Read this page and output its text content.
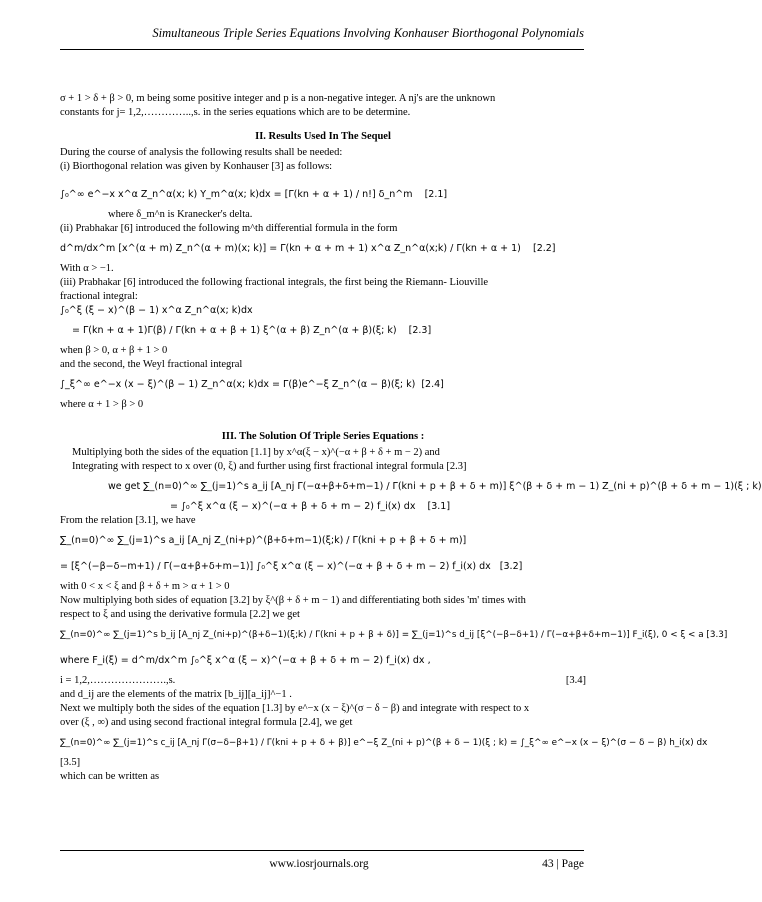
Simultaneous Triple Series Equations Involving Konhauser Biorthogonal Polynomials

σ + 1 > δ + β > 0, m being some positive integer and p is a non-negative integer. A nj's are the unknown

constants for j= 1,2,…………..,s. in the series equations which are to be determine.

II. Results Used In The Sequel

During the course of analysis the following results shall be needed:

(i) Biorthogonal relation was given by Konhauser [3] as follows:

∫₀^∞ e^−x x^α Z_n^α(x; k) Y_m^α(x; k)dx = [Γ(kn + α + 1) / n!] δ_n^m [2.1]

where δ_m^n is Kranecker's delta.

(ii) Prabhakar [6] introduced the following m^th differential formula in the form

d^m/dx^m [x^(α + m) Z_n^(α + m)(x; k)] = Γ(kn + α + m + 1) x^α Z_n^α(x;k) / Γ(kn + α + 1) [2.2]

With α > −1.

(iii) Prabhakar [6] introduced the following fractional integrals, the first being the Riemann- Liouville

fractional integral:

∫₀^ξ (ξ − x)^(β − 1) x^α Z_n^α(x; k)dx

= Γ(kn + α + 1)Γ(β) / Γ(kn + α + β + 1) ξ^(α + β) Z_n^(α + β)(ξ; k) [2.3]

when β > 0, α + β + 1 > 0

and the second, the Weyl fractional integral

∫_ξ^∞ e^−x (x − ξ)^(β − 1) Z_n^α(x; k)dx = Γ(β)e^−ξ Z_n^(α − β)(ξ; k) [2.4]

where α + 1 > β > 0

III. The Solution Of Triple Series Equations :

Multiplying both the sides of the equation [1.1] by x^α(ξ − x)^(−α + β + δ + m − 2) and

Integrating with respect to x over (0, ξ) and further using first fractional integral formula [2.3]

we get ∑_(n=0)^∞ ∑_(j=1)^s a_ij [A_nj Γ(−α+β+δ+m−1) / Γ(kni + p + β + δ + m)] ξ^(β + δ + m − 1) Z_(ni + p)^(β + δ + m − 1)(ξ ; k)

= ∫₀^ξ x^α (ξ − x)^(−α + β + δ + m − 2) f_i(x) dx [3.1]

From the relation [3.1], we have

∑_(n=0)^∞ ∑_(j=1)^s a_ij [A_nj Z_(ni+p)^(β+δ+m−1)(ξ;k) / Γ(kni + p + β + δ + m)]

= [ξ^(−β−δ−m+1) / Γ(−α+β+δ+m−1)] ∫₀^ξ x^α (ξ − x)^(−α + β + δ + m − 2) f_i(x) dx [3.2]

with 0 < x < ξ and β + δ + m > α + 1 > 0

Now multiplying both sides of equation [3.2] by ξ^(β + δ + m − 1) and differentiating both sides 'm' times with

respect to ξ and using the derivative formula [2.2] we get

∑_(n=0)^∞ ∑_(j=1)^s b_ij [A_nj Z_(ni+p)^(β+δ−1)(ξ;k) / Γ(kni + p + β + δ)] = ∑_(j=1)^s d_ij [ξ^(−β−δ+1) / Γ(−α+β+δ+m−1)] F_i(ξ), 0 < ξ < a [3.3]

where F_i(ξ) = d^m/dx^m ∫₀^ξ x^α (ξ − x)^(−α + β + δ + m − 2) f_i(x) dx ,

i = 1,2,………………….,s.	[3.4]

and d_ij are the elements of the matrix [b_ij][a_ij]^−1 .

Next we multiply both the sides of the equation [1.3] by e^−x (x − ξ)^(σ − δ − β) and integrate with respect to x

over (ξ , ∞) and using second fractional integral formula [2.4], we get

∑_(n=0)^∞ ∑_(j=1)^s c_ij [A_nj Γ(σ−δ−β+1) / Γ(kni + p + δ + β)] e^−ξ Z_(ni + p)^(β + δ − 1)(ξ ; k) = ∫_ξ^∞ e^−x (x − ξ)^(σ − δ − β) h_i(x) dx

[3.5]

which can be written as

www.iosrjournals.org	43 | Page
